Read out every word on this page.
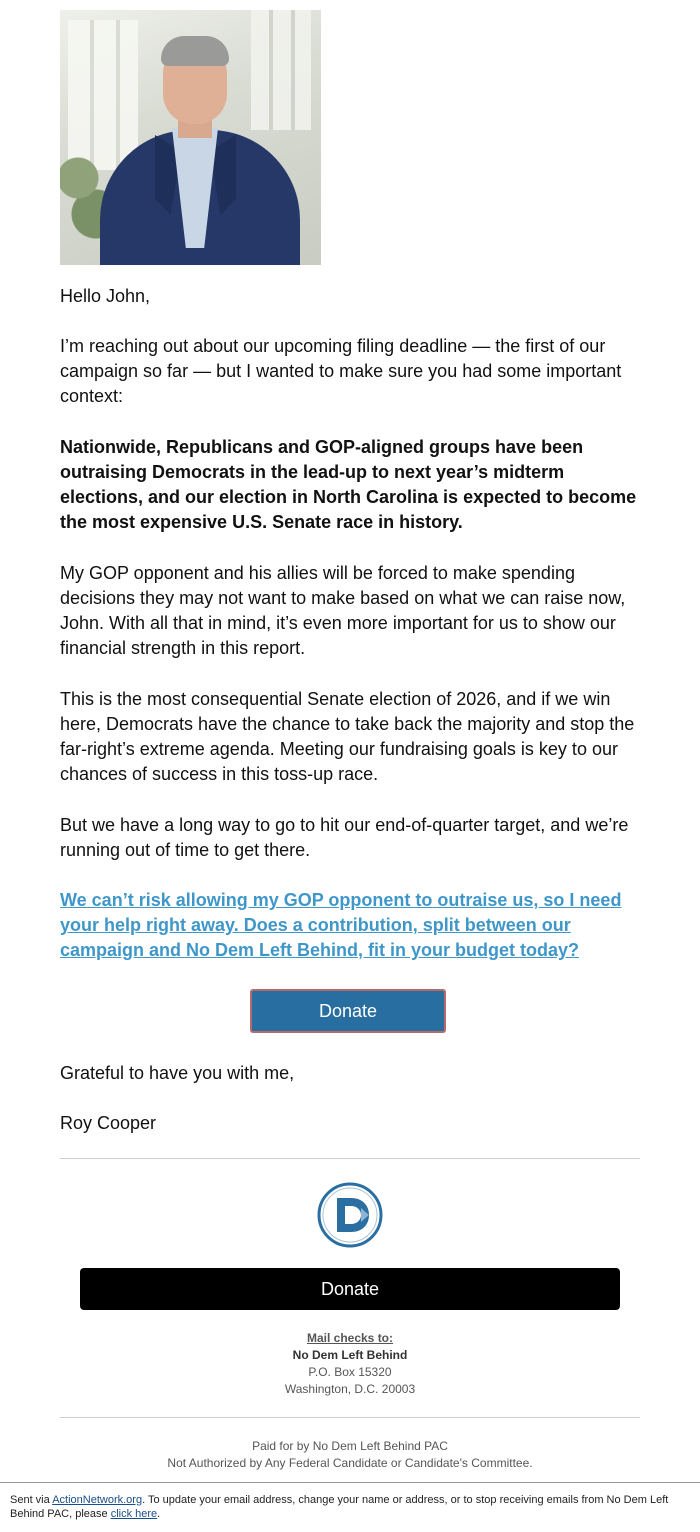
Hello John,

I’m reaching out about our upcoming filing deadline — the first of our campaign so far — but I wanted to make sure you had some important context:

Nationwide, Republicans and GOP-aligned groups have been outraising Democrats in the lead-up to next year’s midterm elections, and our election in North Carolina is expected to become the most expensive U.S. Senate race in history.

My GOP opponent and his allies will be forced to make spending decisions they may not want to make based on what we can raise now, John. With all that in mind, it’s even more important for us to show our financial strength in this report.

This is the most consequential Senate election of 2026, and if we win here, Democrats have the chance to take back the majority and stop the far-right’s extreme agenda. Meeting our fundraising goals is key to our chances of success in this toss-up race.

But we have a long way to go to hit our end-of-quarter target, and we’re running out of time to get there.

We can’t risk allowing my GOP opponent to outraise us, so I need your help right away. Does a contribution, split between our campaign and No Dem Left Behind, fit in your budget today?

Donate

Grateful to have you with me,

Roy Cooper

Donate
Mail checks to:
No Dem Left Behind
P.O. Box 15320
Washington, D.C. 20003
Paid for by No Dem Left Behind PAC
Not Authorized by Any Federal Candidate or Candidate's Committee.
Sent via ActionNetwork.org. To update your email address, change your name or address, or to stop receiving emails from No Dem Left Behind PAC, please click here.
